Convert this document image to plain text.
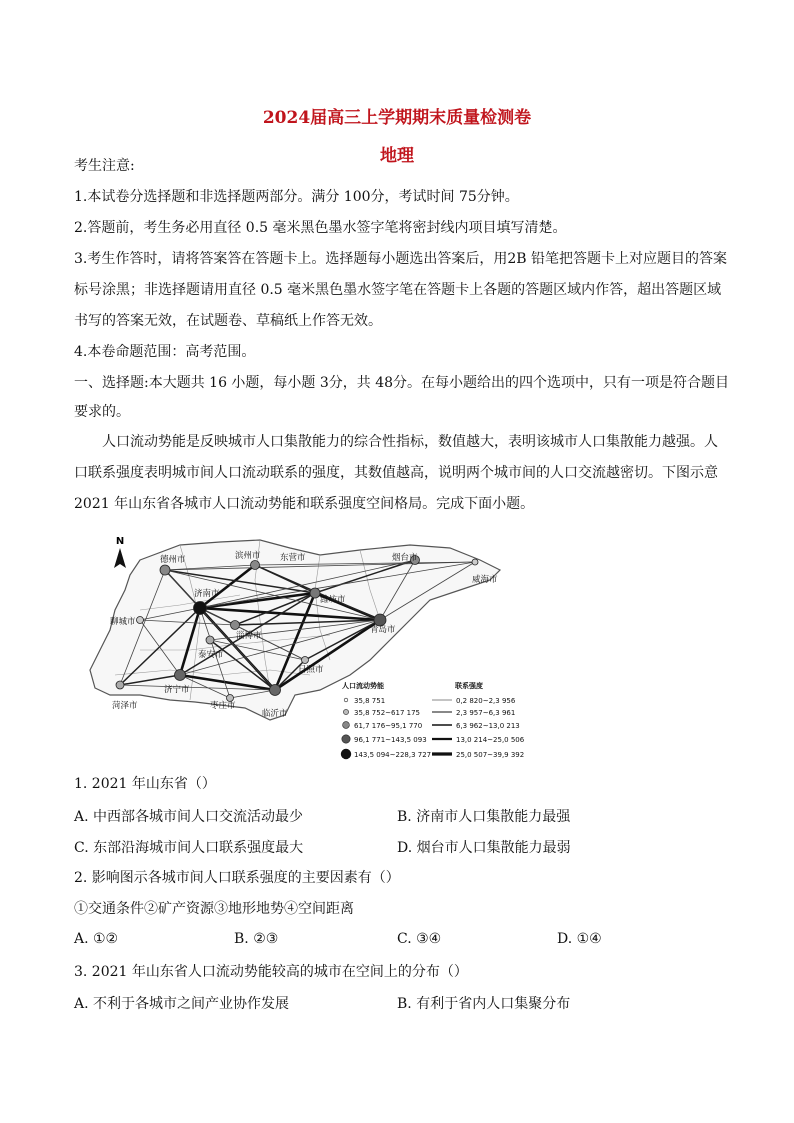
2024届高三上学期期末质量检测卷
地理
考生注意:
1.本试卷分选择题和非选择题两部分。满分 100分，考试时间 75分钟。
2.答题前，考生务必用直径 0.5 毫米黑色墨水签字笔将密封线内项目填写清楚。
3.考生作答时，请将答案答在答题卡上。选择题每小题选出答案后，用2B 铅笔把答题卡上对应题目的答案
标号涂黑；非选择题请用直径 0.5 毫米黑色墨水签字笔在答题卡上各题的答题区域内作答，超出答题区域
书写的答案无效，在试题卷、草稿纸上作答无效。
4.本卷命题范围：高考范围。
一、选择题:本大题共 16 小题，每小题 3分，共 48分。在每小题给出的四个选项中，只有一项是符合题目
要求的。
人口流动势能是反映城市人口集散能力的综合性指标，数值越大，表明该城市人口集散能力越强。人
口联系强度表明城市间人口流动联系的强度，其数值越高，说明两个城市间的人口交流越密切。下图示意
2021 年山东省各城市人口流动势能和联系强度空间格局。完成下面小题。
德州市	滨州市 东营市	烟台市
威海市
济南市
潍坊市
聊城市
淄博市
青岛市
泰安市
日照市
济宁市
菏泽市	枣庄市
临沂市
N
人口流动势能
35,8 751
35,8 752~617 175
61,7 176~95,1 770
96,1 771~143,5 093
143,5 094~228,3 727
联系强度
0,2 820~2,3 956
2,3 957~6,3 961
6,3 962~13,0 213
13,0 214~25,0 506
25,0 507~39,9 392
1. 2021 年山东省（）
A. 中西部各城市间人口交流活动最少	B. 济南市人口集散能力最强
C. 东部沿海城市间人口联系强度最大	D. 烟台市人口集散能力最弱
2. 影响图示各城市间人口联系强度的主要因素有（）
①交通条件②矿产资源③地形地势④空间距离
A. ①②	B. ②③	C. ③④	D. ①④
3. 2021 年山东省人口流动势能较高的城市在空间上的分布（）
A. 不利于各城市之间产业协作发展	B. 有利于省内人口集聚分布
